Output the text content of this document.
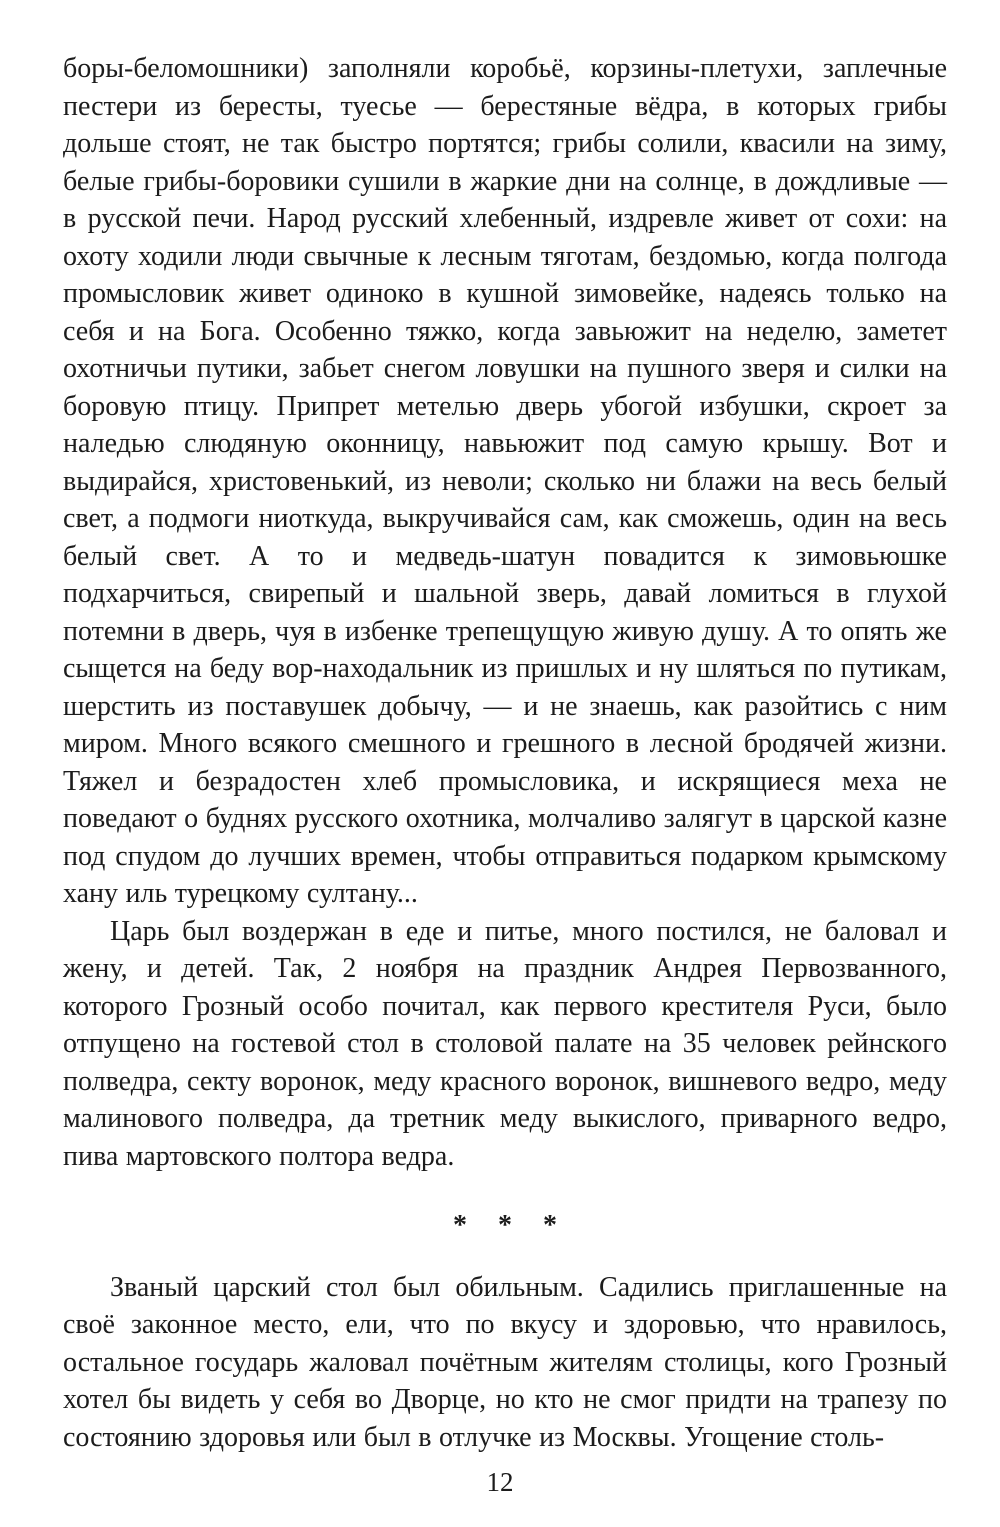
боры-беломошники) заполняли коробьё, корзины-плетухи, заплечные пестери из бересты, туесье — берестяные вёдра, в которых грибы дольше стоят, не так быстро портятся; грибы солили, квасили на зиму, белые грибы-боровики сушили в жаркие дни на солнце, в дождливые — в русской печи. Народ русский хлебенный, издревле живет от сохи: на охоту ходили люди свычные к лесным тяготам, бездомью, когда полгода промысловик живет одиноко в кушной зимовейке, надеясь только на себя и на Бога. Особенно тяжко, когда завьюжит на неделю, заметет охотничьи путики, забьет снегом ловушки на пушного зверя и силки на боровую птицу. Припрет метелью дверь убогой избушки, скроет за наледью слюдяную оконницу, навьюжит под самую крышу. Вот и выдирайся, христовенький, из неволи; сколько ни блажи на весь белый свет, а подмоги ниоткуда, выкручивайся сам, как сможешь, один на весь белый свет. А то и медведь-шатун повадится к зимовьюшке подхарчиться, свирепый и шальной зверь, давай ломиться в глухой потемни в дверь, чуя в избенке трепещущую живую душу. А то опять же сыщется на беду вор-находальник из пришлых и ну шляться по путикам, шерстить из поставушек добычу, — и не знаешь, как разойтись с ним миром. Много всякого смешного и грешного в лесной бродячей жизни. Тяжел и безрадостен хлеб промысловика, и искрящиеся меха не поведают о буднях русского охотника, молчаливо залягут в царской казне под спудом до лучших времен, чтобы отправиться подарком крымскому хану иль турецкому султану...

Царь был воздержан в еде и питье, много постился, не баловал и жену, и детей. Так, 2 ноября на праздник Андрея Первозванного, которого Грозный особо почитал, как первого крестителя Руси, было отпущено на гостевой стол в столовой палате на 35 человек рейнского полведра, секту воронок, меду красного воронок, вишневого ведро, меду малинового полведра, да третник меду выкислого, приварного ведро, пива мартовского полтора ведра.

* * *

Званый царский стол был обильным. Садились приглашенные на своё законное место, ели, что по вкусу и здоровью, что нравилось, остальное государь жаловал почётным жителям столицы, кого Грозный хотел бы видеть у себя во Дворце, но кто не смог придти на трапезу по состоянию здоровья или был в отлучке из Москвы. Угощение столь-

12
